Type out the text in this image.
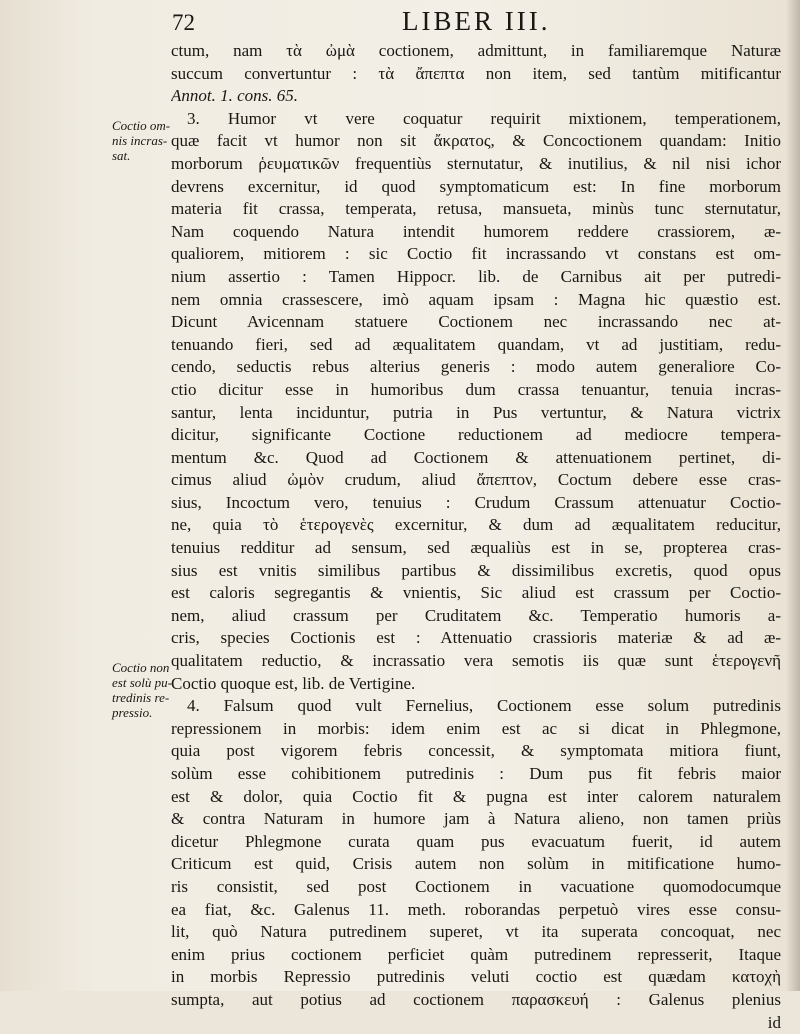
72	LIBER III.
Coctio om-
nis incras-
sat.
Coctio non
est solù pu-
tredinis re-
pressio.
ctum, nam τὰ ὠμὰ coctionem, admittunt, in familiaremque Naturæ
succum convertuntur : τὰ ἄπεπτα non item, sed tantùm mitificantur
Annot. 1. cons. 65.
3. Humor vt vere coquatur requirit mixtionem, temperationem,
quæ facit vt humor non sit ἄκρατος, & Concoctionem quandam: Initio
morborum ῥευματικῶν frequentiùs sternutatur, & inutilius, & nil nisi ichor
devrens excernitur, id quod symptomaticum est: In fine morborum
materia fit crassa, temperata, retusa, mansueta, minùs tunc sternutatur,
Nam coquendo Natura intendit humorem reddere crassiorem, æ-
qualiorem, mitiorem : sic Coctio fit incrassando vt constans est om-
nium assertio : Tamen Hippocr. lib. de Carnibus ait per putredi-
nem omnia crassescere, imò aquam ipsam : Magna hic quæstio est.
Dicunt Avicennam statuere Coctionem nec incrassando nec at-
tenuando fieri, sed ad æqualitatem quandam, vt ad justitiam, redu-
cendo, seductis rebus alterius generis : modo autem generaliore Co-
ctio dicitur esse in humoribus dum crassa tenuantur, tenuia incras-
santur, lenta inciduntur, putria in Pus vertuntur, & Natura victrix
dicitur, significante Coctione reductionem ad mediocre tempera-
mentum &c. Quod ad Coctionem & attenuationem pertinet, di-
cimus aliud ὠμὸν crudum, aliud ἄπεπτον, Coctum debere esse cras-
sius, Incoctum vero, tenuius : Crudum Crassum attenuatur Coctio-
ne, quia τὸ ἑτερογενὲς excernitur, & dum ad æqualitatem reducitur,
tenuius redditur ad sensum, sed æqualiùs est in se, propterea cras-
sius est vnitis similibus partibus & dissimilibus excretis, quod opus
est caloris segregantis & vnientis, Sic aliud est crassum per Coctio-
nem, aliud crassum per Cruditatem &c. Temperatio humoris a-
cris, species Coctionis est : Attenuatio crassioris materiæ & ad æ-
qualitatem reductio, & incrassatio vera semotis iis quæ sunt ἑτερογενῆ
Coctio quoque est, lib. de Vertigine.
4. Falsum quod vult Fernelius, Coctionem esse solum putredinis
repressionem in morbis: idem enim est ac si dicat in Phlegmone,
quia post vigorem febris concessit, & symptomata mitiora fiunt,
solùm esse cohibitionem putredinis : Dum pus fit febris maior
est & dolor, quia Coctio fit & pugna est inter calorem naturalem
& contra Naturam in humore jam à Natura alieno, non tamen priùs
dicetur Phlegmone curata quam pus evacuatum fuerit, id autem
Criticum est quid, Crisis autem non solùm in mitificatione humo-
ris consistit, sed post Coctionem in vacuatione quomodocumque
ea fiat, &c. Galenus 11. meth. roborandas perpetuò vires esse consu-
lit, quò Natura putredinem superet, vt ita superata concoquat, nec
enim prius coctionem perficiet quàm putredinem represserit, Itaque
in morbis Repressio putredinis veluti coctio est quædam κατοχὴ
sumpta, aut potius ad coctionem παρασκευή : Galenus plenius
id
